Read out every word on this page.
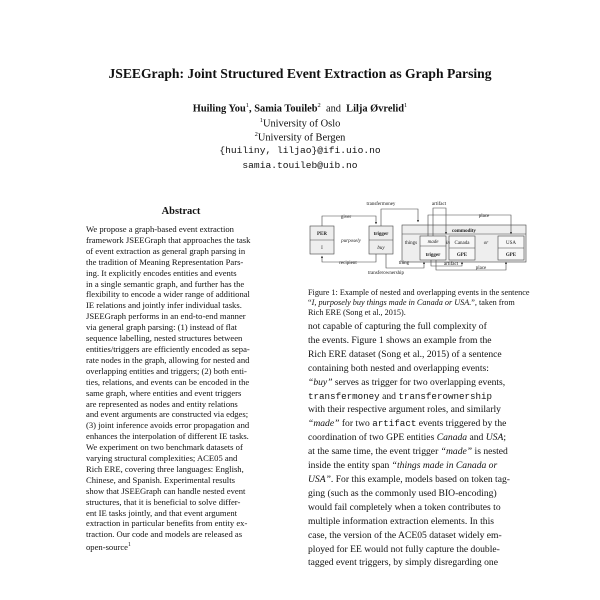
JSEEGraph: Joint Structured Event Extraction as Graph Parsing
Huiling You$^1$, Samia Touileb$^2$ and Lilja Øvrelid$^1$
$^1$University of Oslo
$^2$University of Bergen
{huiliny, liljao}@ifi.uio.no
samia.touileb@uib.no
Abstract

We propose a graph-based event extraction

framework JSEEGraph that approaches the task

of event extraction as general graph parsing in

the tradition of Meaning Representation Pars-

ing. It explicitly encodes entities and events

in a single semantic graph, and further has the

flexibility to encode a wider range of additional

IE relations and jointly infer individual tasks.

JSEEGraph performs in an end-to-end manner

via general graph parsing: (1) instead of flat

sequence labelling, nested structures between

entities/triggers are efficiently encoded as sepa-

rate nodes in the graph, allowing for nested and

overlapping entities and triggers; (2) both enti-

ties, relations, and events can be encoded in the

same graph, where entities and event triggers

are represented as nodes and entity relations

and event arguments are constructed via edges;

(3) joint inference avoids error propagation and

enhances the interpolation of different IE tasks.

We experiment on two benchmark datasets of

varying structural complexities; ACE05 and

Rich ERE, covering three languages: English,

Chinese, and Spanish. Experimental results

show that JSEEGraph can handle nested event

structures, that it is beneficial to solve differ-

ent IE tasks jointly, and that event argument

extraction in particular benefits from entity ex-

traction. Our code and models are released as

open-source$^1$

transfermoney
giver
artifact
place
PER
I
purposely
trigger
buy
commodity
things made
trigger
in Canada
GPE
or	USA
GPE
recipient	thing	artifact
place
transferownership
Figure 1: Example of nested and overlapping events in the sentence “I, purposely buy things made in Canada or USA.”, taken from Rich ERE (Song et al., 2015).

not capable of capturing the full complexity of

the events. Figure 1 shows an example from the

Rich ERE dataset (Song et al., 2015) of a sentence

containing both nested and overlapping events:

“buy” serves as trigger for two overlapping events,

transfermoney and transferownership

with their respective argument roles, and similarly

“made” for two artifact events triggered by the

coordination of two GPE entities Canada and USA;

at the same time, the event trigger “made” is nested

inside the entity span “things made in Canada or

USA”. For this example, models based on token tag-

ging (such as the commonly used BIO-encoding)

would fail completely when a token contributes to

multiple information extraction elements. In this

case, the version of the ACE05 dataset widely em-

ployed for EE would not fully capture the double-

tagged event triggers, by simply disregarding one
